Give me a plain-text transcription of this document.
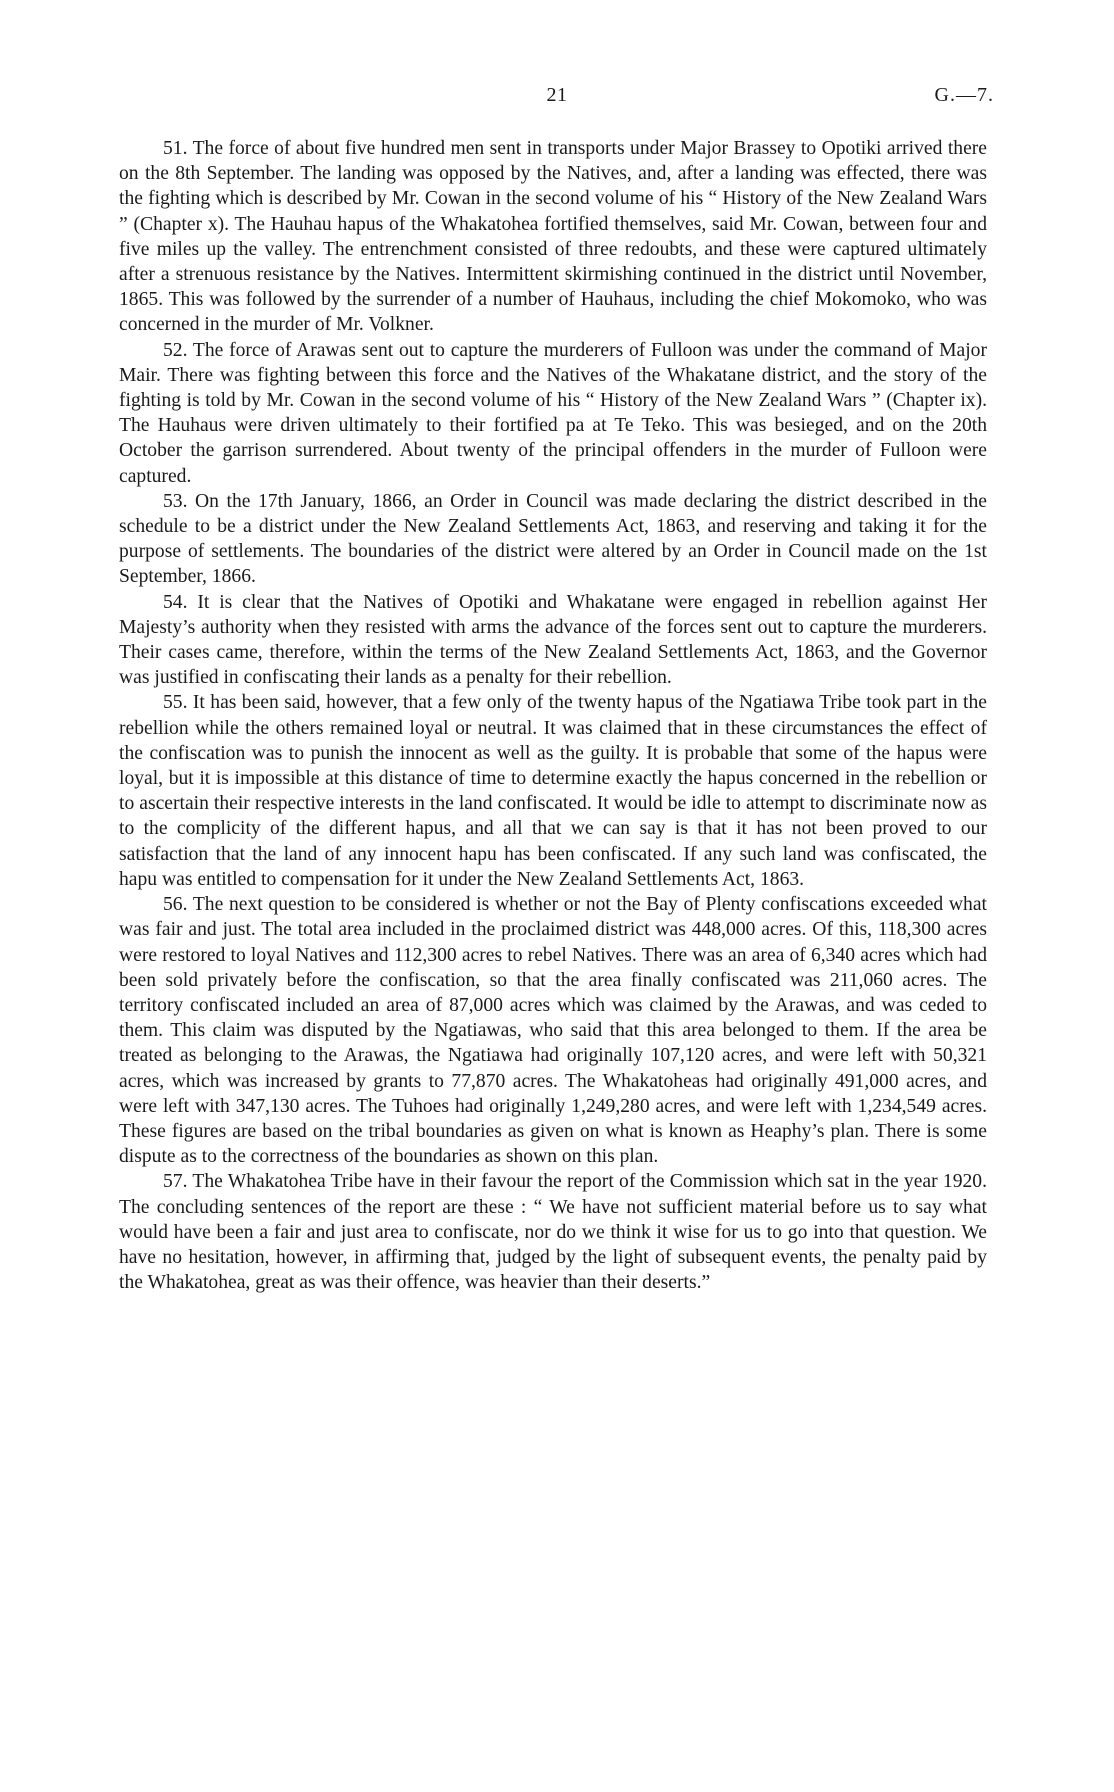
21	G.—7.

51. The force of about five hundred men sent in transports under Major Brassey to Opotiki arrived there on the 8th September. The landing was opposed by the Natives, and, after a landing was effected, there was the fighting which is described by Mr. Cowan in the second volume of his “ History of the New Zealand Wars ” (Chapter x). The Hauhau hapus of the Whakatohea fortified themselves, said Mr. Cowan, between four and five miles up the valley. The entrenchment consisted of three redoubts, and these were captured ultimately after a strenuous resistance by the Natives. Intermittent skirmishing continued in the district until November, 1865. This was followed by the surrender of a number of Hauhaus, including the chief Mokomoko, who was concerned in the murder of Mr. Volkner.

52. The force of Arawas sent out to capture the murderers of Fulloon was under the command of Major Mair. There was fighting between this force and the Natives of the Whakatane district, and the story of the fighting is told by Mr. Cowan in the second volume of his “ History of the New Zealand Wars ” (Chapter ix). The Hauhaus were driven ultimately to their fortified pa at Te Teko. This was besieged, and on the 20th October the garrison surrendered. About twenty of the principal offenders in the murder of Fulloon were captured.

53. On the 17th January, 1866, an Order in Council was made declaring the district described in the schedule to be a district under the New Zealand Settlements Act, 1863, and reserving and taking it for the purpose of settlements. The boundaries of the district were altered by an Order in Council made on the 1st September, 1866.

54. It is clear that the Natives of Opotiki and Whakatane were engaged in rebellion against Her Majesty’s authority when they resisted with arms the advance of the forces sent out to capture the murderers. Their cases came, therefore, within the terms of the New Zealand Settlements Act, 1863, and the Governor was justified in confiscating their lands as a penalty for their rebellion.

55. It has been said, however, that a few only of the twenty hapus of the Ngatiawa Tribe took part in the rebellion while the others remained loyal or neutral. It was claimed that in these circumstances the effect of the confiscation was to punish the innocent as well as the guilty. It is probable that some of the hapus were loyal, but it is impossible at this distance of time to determine exactly the hapus concerned in the rebellion or to ascertain their respective interests in the land confiscated. It would be idle to attempt to discriminate now as to the complicity of the different hapus, and all that we can say is that it has not been proved to our satisfaction that the land of any innocent hapu has been confiscated. If any such land was confiscated, the hapu was entitled to compensation for it under the New Zealand Settlements Act, 1863.

56. The next question to be considered is whether or not the Bay of Plenty confiscations exceeded what was fair and just. The total area included in the proclaimed district was 448,000 acres. Of this, 118,300 acres were restored to loyal Natives and 112,300 acres to rebel Natives. There was an area of 6,340 acres which had been sold privately before the confiscation, so that the area finally confiscated was 211,060 acres. The territory confiscated included an area of 87,000 acres which was claimed by the Arawas, and was ceded to them. This claim was disputed by the Ngatiawas, who said that this area belonged to them. If the area be treated as belonging to the Arawas, the Ngatiawa had originally 107,120 acres, and were left with 50,321 acres, which was increased by grants to 77,870 acres. The Whakatoheas had originally 491,000 acres, and were left with 347,130 acres. The Tuhoes had originally 1,249,280 acres, and were left with 1,234,549 acres. These figures are based on the tribal boundaries as given on what is known as Heaphy’s plan. There is some dispute as to the correctness of the boundaries as shown on this plan.

57. The Whakatohea Tribe have in their favour the report of the Commission which sat in the year 1920. The concluding sentences of the report are these : “ We have not sufficient material before us to say what would have been a fair and just area to confiscate, nor do we think it wise for us to go into that question. We have no hesitation, however, in affirming that, judged by the light of subsequent events, the penalty paid by the Whakatohea, great as was their offence, was heavier than their deserts.”
